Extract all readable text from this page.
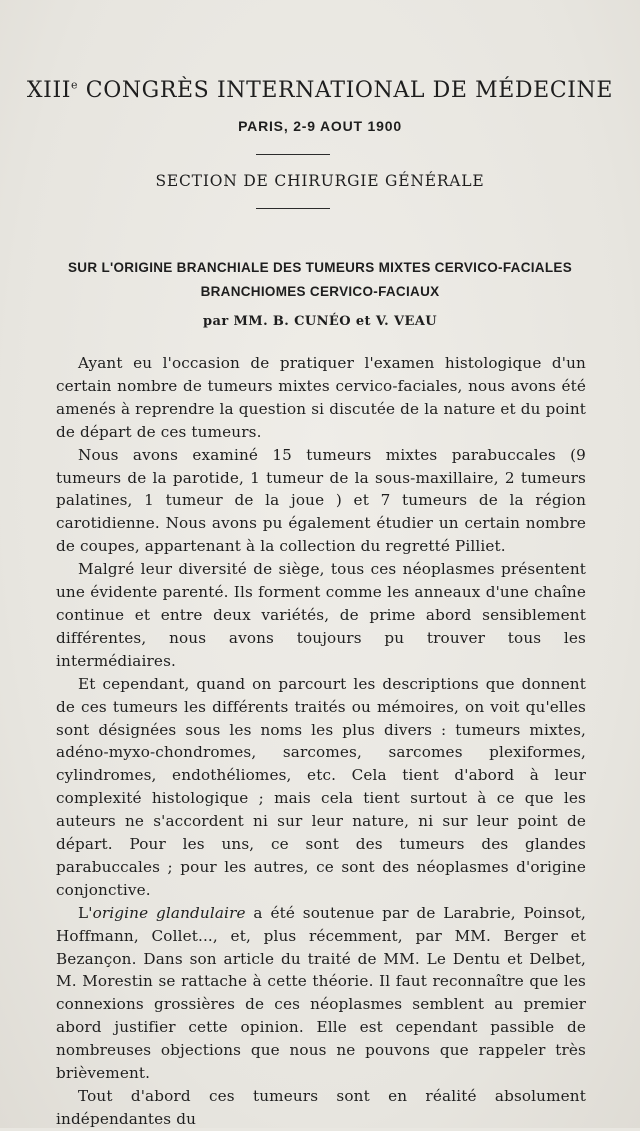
XIIIe CONGRÈS INTERNATIONAL DE MÉDECINE
PARIS, 2-9 AOUT 1900
SECTION DE CHIRURGIE GÉNÉRALE
SUR L'ORIGINE BRANCHIALE DES TUMEURS MIXTES CERVICO-FACIALES
BRANCHIOMES CERVICO-FACIAUX
par MM. B. CUNÉO et V. VEAU

Ayant eu l'occasion de pratiquer l'examen histologique d'un certain nombre de tumeurs mixtes cervico-faciales, nous avons été amenés à reprendre la question si discutée de la nature et du point de départ de ces tumeurs.

Nous avons examiné 15 tumeurs mixtes parabuccales (9 tumeurs de la parotide, 1 tumeur de la sous-maxillaire, 2 tumeurs palatines, 1 tumeur de la joue ) et 7 tumeurs de la région carotidienne. Nous avons pu également étudier un certain nombre de coupes, appartenant à la collection du regretté Pilliet.

Malgré leur diversité de siège, tous ces néoplasmes présentent une évidente parenté. Ils forment comme les anneaux d'une chaîne continue et entre deux variétés, de prime abord sensiblement différentes, nous avons toujours pu trouver tous les intermédiaires.

Et cependant, quand on parcourt les descriptions que donnent de ces tumeurs les différents traités ou mémoires, on voit qu'elles sont désignées sous les noms les plus divers : tumeurs mixtes, adéno-myxo-chondromes, sarcomes, sarcomes plexiformes, cylindromes, endothéliomes, etc. Cela tient d'abord à leur complexité histologique ; mais cela tient surtout à ce que les auteurs ne s'accordent ni sur leur nature, ni sur leur point de départ. Pour les uns, ce sont des tumeurs des glandes parabuccales ; pour les autres, ce sont des néoplasmes d'origine conjonctive.

L'origine glandulaire a été soutenue par de Larabrie, Poinsot, Hoffmann, Collet..., et, plus récemment, par MM. Berger et Bezançon. Dans son article du traité de MM. Le Dentu et Delbet, M. Morestin se rattache à cette théorie. Il faut reconnaître que les connexions grossières de ces néoplasmes semblent au premier abord justifier cette opinion. Elle est cependant passible de nombreuses objections que nous ne pouvons que rappeler très brièvement.

Tout d'abord ces tumeurs sont en réalité absolument indépendantes du
